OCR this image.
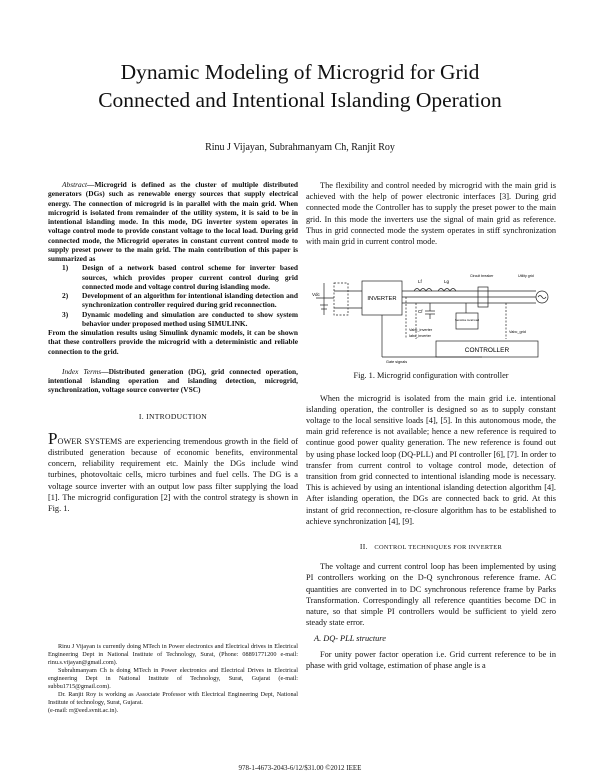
Dynamic Modeling of Microgrid for Grid
Connected and Intentional Islanding Operation
Rinu J Vijayan, Subrahmanyam Ch, Ranjit Roy

Abstract—Microgrid is defined as the cluster of multiple distributed generators (DGs) such as renewable energy sources that supply electrical energy. The connection of microgrid is in parallel with the main grid. When microgrid is isolated from remainder of the utility system, it is said to be in intentional islanding mode. In this mode, DG inverter system operates in voltage control mode to provide constant voltage to the local load. During grid connected mode, the Microgrid operates in constant current control mode to supply preset power to the main grid. The main contribution of this paper is summarized as

1) Design of a network based control scheme for inverter based sources, which provides proper current control during grid connected mode and voltage control during islanding mode.
2) Development of an algorithm for intentional islanding detection and synchronization controller required during grid reconnection.
3) Dynamic modeling and simulation are conducted to show system behavior under proposed method using SIMULINK.

From the simulation results using Simulink dynamic models, it can be shown that these controllers provide the microgrid with a deterministic and reliable connection to the grid.

Index Terms—Distributed generation (DG), grid connected operation, intentional islanding operation and islanding detection, microgrid, synchronization, voltage source converter (VSC)

I. INTRODUCTION

POWER SYSTEMS are experiencing tremendous growth in the field of distributed generation because of economic benefits, environmental concern, reliability requirement etc. Mainly the DGs include wind turbines, photovoltaic cells, micro turbines and fuel cells. The DG is a voltage source inverter with an output low pass filter supplying the load [1]. The microgrid configuration [2] with the control strategy is shown in Fig. 1.

Rinu J Vijayan is currently doing MTech in Power electronics and Electrical drives in Electrical Engineering Dept in National Institute of Technology, Surat, (Phone: 08891771200 e-mail: rinu.s.vijayan@gmail.com).

Subrahmanyam Ch is doing MTech in Power electronics and Electrical Drives in Electrical engineering Dept in National Institute of Technology, Surat, Gujarat (e-mail: subbu1715@gmail.com).

Dr. Ranjit Roy is working as Associate Professor with Electrical Engineering Dept, National Institute of technology, Surat, Gujarat.

(e-mail: rr@eed.svnit.ac.in).

The flexibility and control needed by microgrid with the main grid is achieved with the help of power electronic interfaces [3]. During grid connected mode the Controller has to supply the preset power to the main grid. In this mode the inverters use the signal of main grid as reference. Thus in grid connected mode the system operates in stiff synchronization with main grid in current control mode.

INVERTER
CONTROLLER
Vdc
Lf	Lg
Cf
Circuit breaker	Utility grid
Sensitive local load
Vabc_inverter
Iabc_inverter
Vabc_grid
Gate signals
Fig. 1. Microgrid configuration with controller

When the microgrid is isolated from the main grid i.e. intentional islanding operation, the controller is designed so as to supply constant voltage to the local sensitive loads [4], [5]. In this autonomous mode, the main grid reference is not available; hence a new reference is required to continue good power quality generation. The new reference is found out by using phase locked loop (DQ-PLL) and PI controller [6], [7]. In order to transfer from current control to voltage control mode, detection of transition from grid connected to intentional islanding mode is necessary. This is achieved by using an intentional islanding detection algorithm [4]. After islanding operation, the DGs are connected back to grid. At this instant of grid reconnection, re-closure algorithm has to be established to achieve synchronization [4], [9].

II. CONTROL TECHNIQUES FOR INVERTER

The voltage and current control loop has been implemented by using PI controllers working on the D-Q synchronous reference frame. AC quantities are converted in to DC synchronous reference frame by Parks Transformation. Correspondingly all reference quantities become DC in nature, so that simple PI controllers would be sufficient to yield zero steady state error.

A. DQ- PLL structure

For unity power factor operation i.e. Grid current reference to be in phase with grid voltage, estimation of phase angle is a

978-1-4673-2043-6/12/$31.00 ©2012 IEEE
